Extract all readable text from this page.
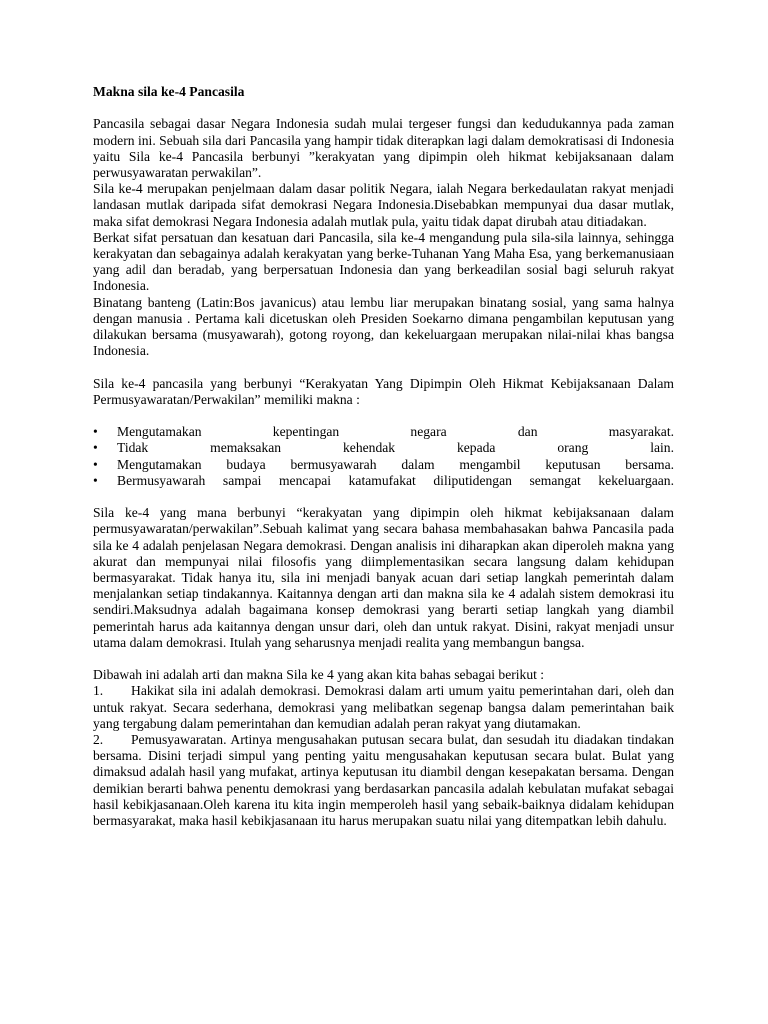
Makna sila ke-4 Pancasila

Pancasila sebagai dasar Negara Indonesia sudah mulai tergeser fungsi dan kedudukannya pada zaman modern ini. Sebuah sila dari Pancasila yang hampir tidak diterapkan lagi dalam demokratisasi di Indonesia yaitu Sila ke-4 Pancasila berbunyi ”kerakyatan yang dipimpin oleh hikmat kebijaksanaan dalam perwusyawaratan perwakilan”.

Sila ke-4 merupakan penjelmaan dalam dasar politik Negara, ialah Negara berkedaulatan rakyat menjadi landasan mutlak daripada sifat demokrasi Negara Indonesia.Disebabkan mempunyai dua dasar mutlak, maka sifat demokrasi Negara Indonesia adalah mutlak pula, yaitu tidak dapat dirubah atau ditiadakan.

Berkat sifat persatuan dan kesatuan dari Pancasila, sila ke-4 mengandung pula sila-sila lainnya, sehingga kerakyatan dan sebagainya adalah kerakyatan yang berke-Tuhanan Yang Maha Esa, yang berkemanusiaan yang adil dan beradab, yang berpersatuan Indonesia dan yang berkeadilan sosial bagi seluruh rakyat Indonesia.

Binatang banteng (Latin:Bos javanicus) atau lembu liar merupakan binatang sosial, yang sama halnya dengan manusia . Pertama kali dicetuskan oleh Presiden Soekarno dimana pengambilan keputusan yang dilakukan bersama (musyawarah), gotong royong, dan kekeluargaan merupakan nilai-nilai khas bangsa Indonesia.

Sila ke-4 pancasila yang berbunyi “Kerakyatan Yang Dipimpin Oleh Hikmat Kebijaksanaan Dalam Permusyawaratan/Perwakilan” memiliki makna :

•	Mengutamakan kepentingan negara dan masyarakat.
•	Tidak memaksakan kehendak kepada orang lain.
•	Mengutamakan budaya bermusyawarah dalam mengambil keputusan bersama.
•	Bermusyawarah sampai mencapai katamufakat diliputidengan semangat kekeluargaan.

Sila ke-4 yang mana berbunyi “kerakyatan yang dipimpin oleh hikmat kebijaksanaan dalam permusyawaratan/perwakilan”.Sebuah kalimat yang secara bahasa membahasakan bahwa Pancasila pada sila ke 4 adalah penjelasan Negara demokrasi. Dengan analisis ini diharapkan akan diperoleh makna yang akurat dan mempunyai nilai filosofis yang diimplementasikan secara langsung dalam kehidupan bermasyarakat. Tidak hanya itu, sila ini menjadi banyak acuan dari setiap langkah pemerintah dalam menjalankan setiap tindakannya. Kaitannya dengan arti dan makna sila ke 4 adalah sistem demokrasi itu sendiri.Maksudnya adalah bagaimana konsep demokrasi yang berarti setiap langkah yang diambil pemerintah harus ada kaitannya dengan unsur dari, oleh dan untuk rakyat. Disini, rakyat menjadi unsur utama dalam demokrasi. Itulah yang seharusnya menjadi realita yang membangun bangsa.

Dibawah ini adalah arti dan makna Sila ke 4 yang akan kita bahas sebagai berikut :

1. Hakikat sila ini adalah demokrasi. Demokrasi dalam arti umum yaitu pemerintahan dari, oleh dan untuk rakyat. Secara sederhana, demokrasi yang melibatkan segenap bangsa dalam pemerintahan baik yang tergabung dalam pemerintahan dan kemudian adalah peran rakyat yang diutamakan.
2. Pemusyawaratan. Artinya mengusahakan putusan secara bulat, dan sesudah itu diadakan tindakan bersama. Disini terjadi simpul yang penting yaitu mengusahakan keputusan secara bulat. Bulat yang dimaksud adalah hasil yang mufakat, artinya keputusan itu diambil dengan kesepakatan bersama. Dengan demikian berarti bahwa penentu demokrasi yang berdasarkan pancasila adalah kebulatan mufakat sebagai hasil kebikjasanaan.Oleh karena itu kita ingin memperoleh hasil yang sebaik-baiknya didalam kehidupan bermasyarakat, maka hasil kebikjasanaan itu harus merupakan suatu nilai yang ditempatkan lebih dahulu.
